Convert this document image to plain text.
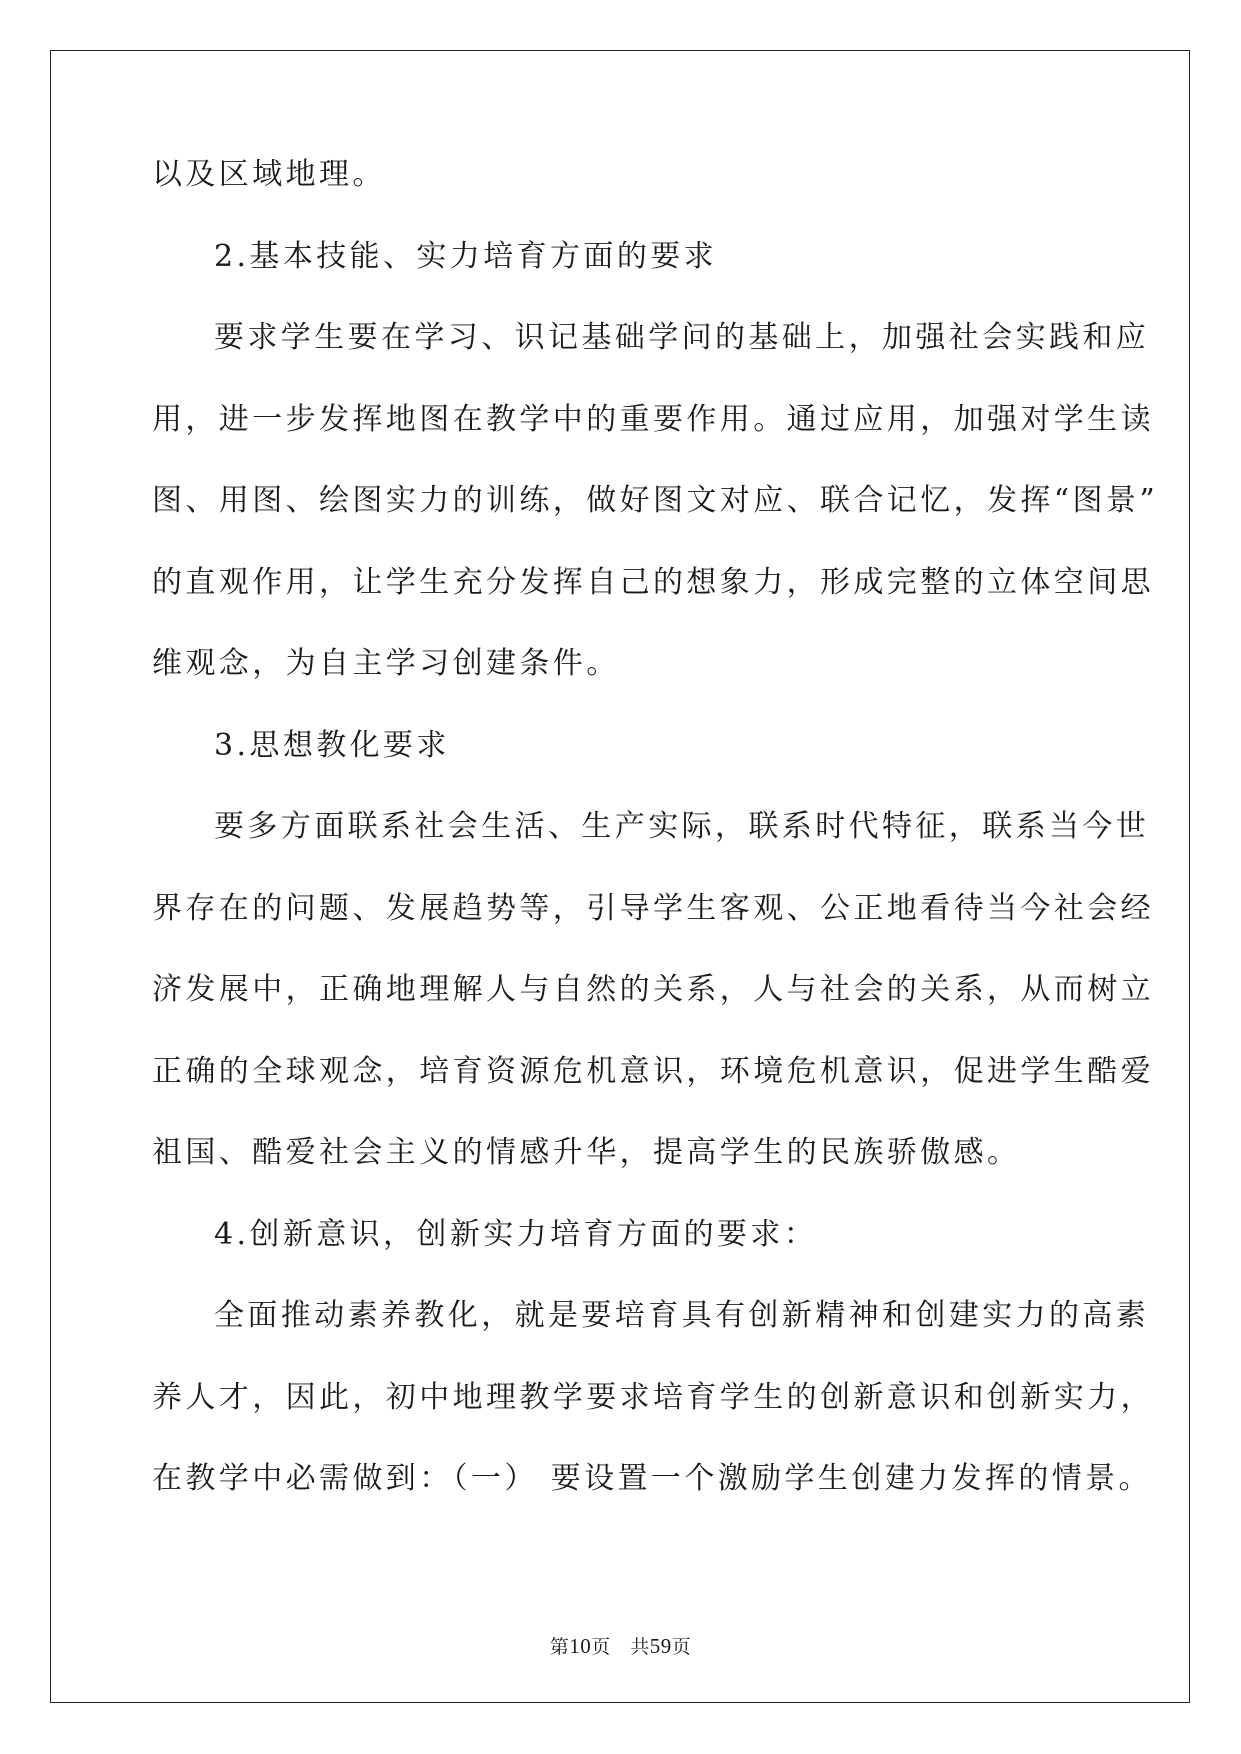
以及区域地理。
2.基本技能、实力培育方面的要求
要求学生要在学习、识记基础学问的基础上，加强社会实践和应
用，进一步发挥地图在教学中的重要作用。通过应用，加强对学生读
图、用图、绘图实力的训练，做好图文对应、联合记忆，发挥“图景”
的直观作用，让学生充分发挥自己的想象力，形成完整的立体空间思
维观念，为自主学习创建条件。
3.思想教化要求
要多方面联系社会生活、生产实际，联系时代特征，联系当今世
界存在的问题、发展趋势等，引导学生客观、公正地看待当今社会经
济发展中，正确地理解人与自然的关系，人与社会的关系，从而树立
正确的全球观念，培育资源危机意识，环境危机意识，促进学生酷爱
祖国、酷爱社会主义的情感升华，提高学生的民族骄傲感。
4.创新意识，创新实力培育方面的要求：
全面推动素养教化，就是要培育具有创新精神和创建实力的高素
养人才，因此，初中地理教学要求培育学生的创新意识和创新实力，
在教学中必需做到：（一） 要设置一个激励学生创建力发挥的情景。
第10页　共59页
